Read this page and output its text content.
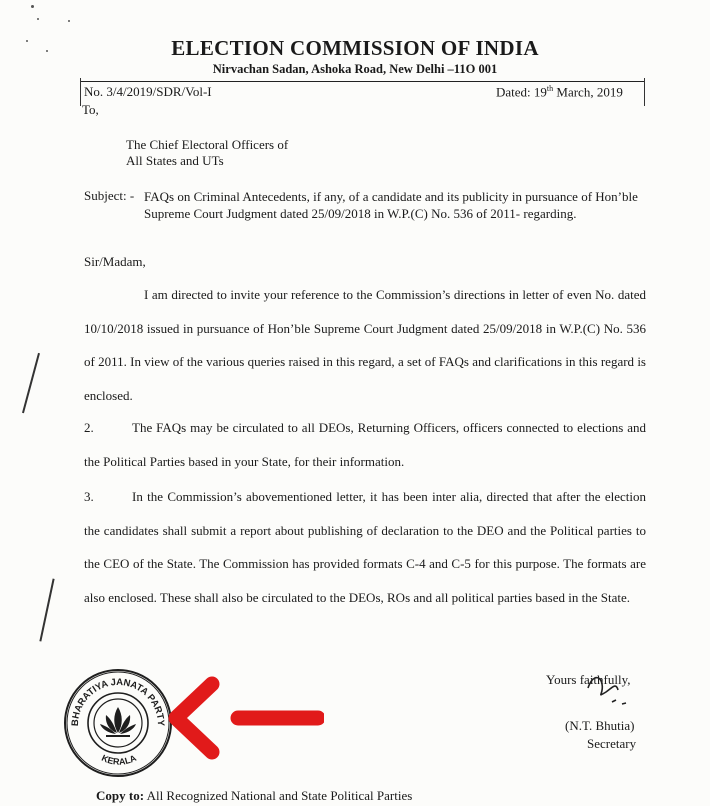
ELECTION COMMISSION OF INDIA
Nirvachan Sadan, Ashoka Road, New Delhi –11O 001
No. 3/4/2019/SDR/Vol-I	Dated: 19th March, 2019
To,
The Chief Electoral Officers of
All States and UTs
Subject: - FAQs on Criminal Antecedents, if any, of a candidate and its publicity in pursuance of Hon’ble Supreme Court Judgment dated 25/09/2018 in W.P.(C) No. 536 of 2011- regarding.
Sir/Madam,
I am directed to invite your reference to the Commission’s directions in letter of even No. dated 10/10/2018 issued in pursuance of Hon’ble Supreme Court Judgment dated 25/09/2018 in W.P.(C) No. 536 of 2011. In view of the various queries raised in this regard, a set of FAQs and clarifications in this regard is enclosed.
2.	The FAQs may be circulated to all DEOs, Returning Officers, officers connected to elections and the Political Parties based in your State, for their information.
3.	In the Commission’s abovementioned letter, it has been inter alia, directed that after the election the candidates shall submit a report about publishing of declaration to the DEO and the Political parties to the CEO of the State. The Commission has provided formats C-4 and C-5 for this purpose. The formats are also enclosed. These shall also be circulated to the DEOs, ROs and all political parties based in the State.
Yours faithfully,
(N.T. Bhutia)
Secretary
BHARATIYA JANATA PARTY
KERALA
Copy to: All Recognized National and State Political Parties
